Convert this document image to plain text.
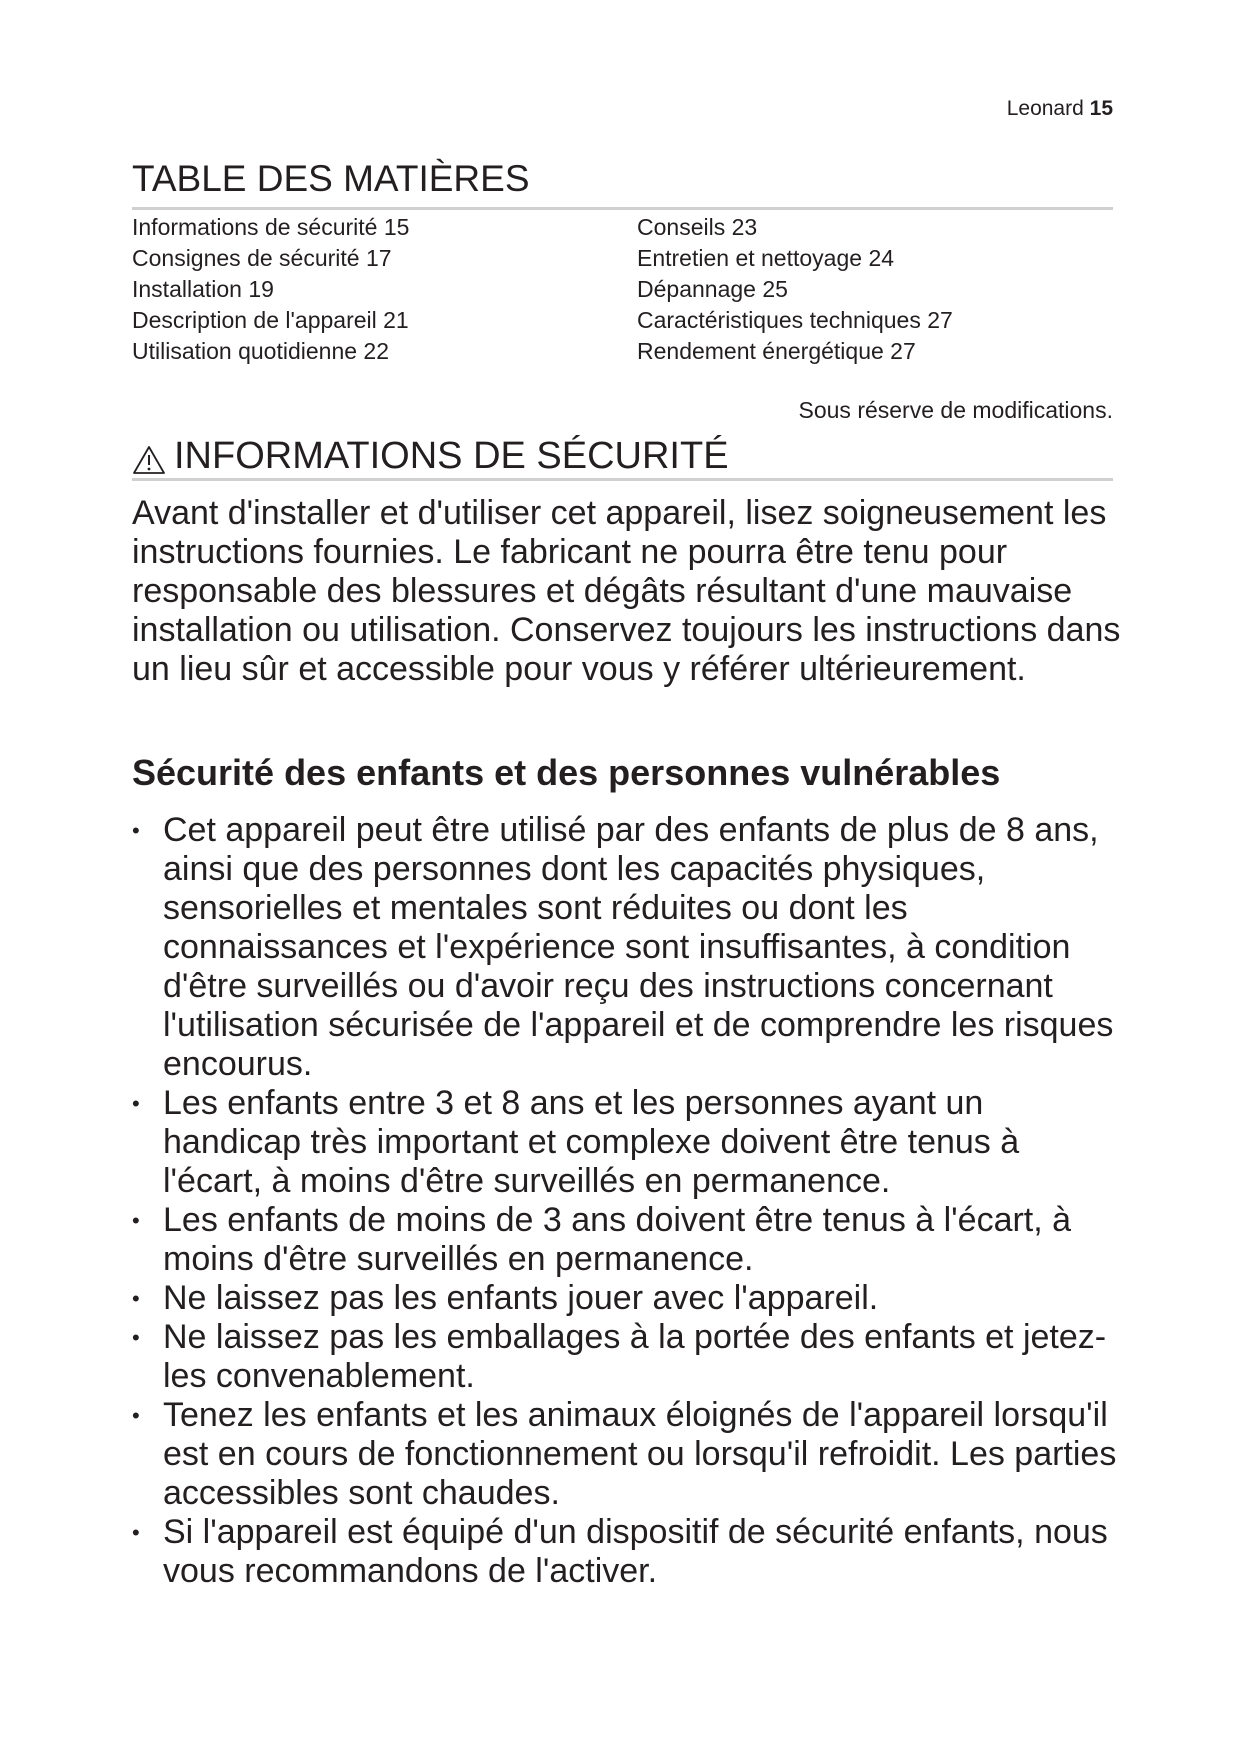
Leonard 15
TABLE DES MATIÈRES
Informations de sécurité 15
Consignes de sécurité 17
Installation 19
Description de l'appareil 21
Utilisation quotidienne 22
Conseils 23
Entretien et nettoyage 24
Dépannage 25
Caractéristiques techniques 27
Rendement énergétique 27
Sous réserve de modifications.
INFORMATIONS DE SÉCURITÉ

Avant d'installer et d'utiliser cet appareil, lisez soigneusement les instructions fournies. Le fabricant ne pourra être tenu pour responsable des blessures et dégâts résultant d'une mauvaise installation ou utilisation. Conservez toujours les instructions dans un lieu sûr et accessible pour vous y référer ultérieurement.

Sécurité des enfants et des personnes vulnérables
• Cet appareil peut être utilisé par des enfants de plus de 8 ans, ainsi que des personnes dont les capacités physiques, sensorielles et mentales sont réduites ou dont les connaissances et l'expérience sont insuffisantes, à condition d'être surveillés ou d'avoir reçu des instructions concernant l'utilisation sécurisée de l'appareil et de comprendre les risques encourus.
• Les enfants entre 3 et 8 ans et les personnes ayant un handicap très important et complexe doivent être tenus à l'écart, à moins d'être surveillés en permanence.
• Les enfants de moins de 3 ans doivent être tenus à l'écart, à moins d'être surveillés en permanence.
• Ne laissez pas les enfants jouer avec l'appareil.
• Ne laissez pas les emballages à la portée des enfants et jetez-les convenablement.
• Tenez les enfants et les animaux éloignés de l'appareil lorsqu'il est en cours de fonctionnement ou lorsqu'il refroidit. Les parties accessibles sont chaudes.
• Si l'appareil est équipé d'un dispositif de sécurité enfants, nous vous recommandons de l'activer.
